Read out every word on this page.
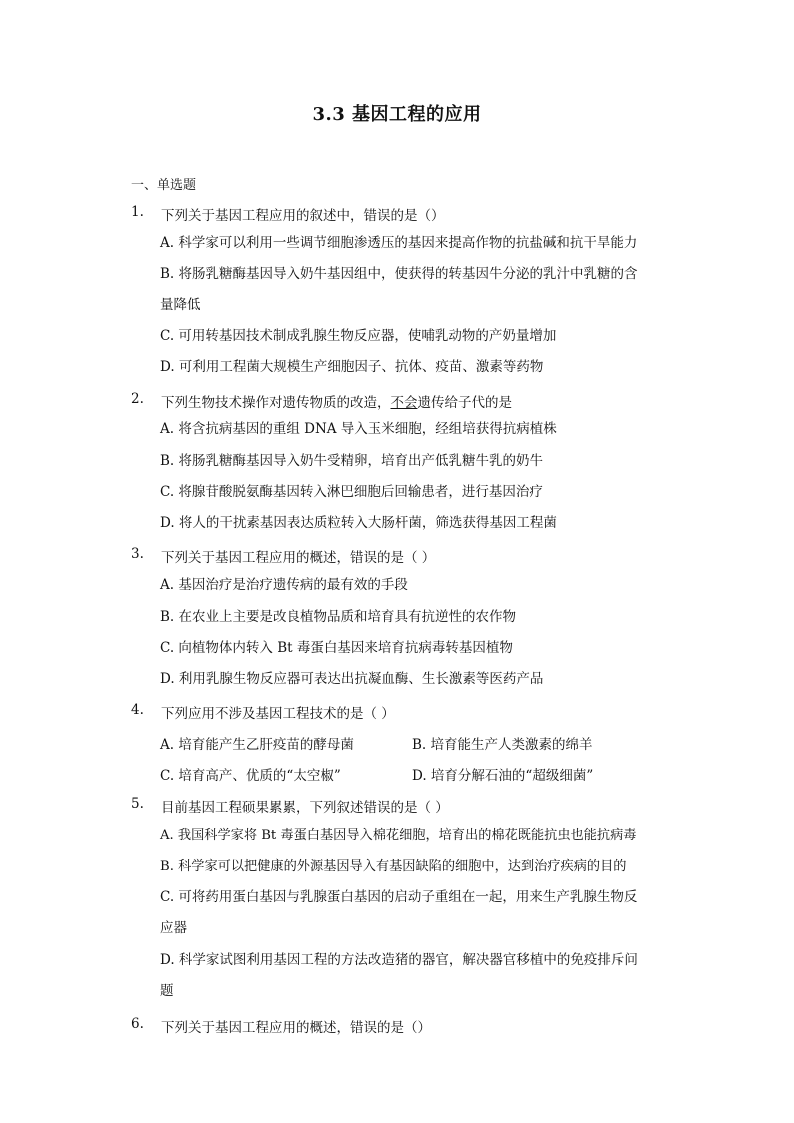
3.3 基因工程的应用
一、单选题
1.	下列关于基因工程应用的叙述中，错误的是（）
A. 科学家可以利用一些调节细胞渗透压的基因来提高作物的抗盐碱和抗干旱能力
B. 将肠乳糖酶基因导入奶牛基因组中，使获得的转基因牛分泌的乳汁中乳糖的含
量降低
C. 可用转基因技术制成乳腺生物反应器，使哺乳动物的产奶量增加
D. 可利用工程菌大规模生产细胞因子、抗体、疫苗、激素等药物
2.	下列生物技术操作对遗传物质的改造，不会遗传给子代的是
A. 将含抗病基因的重组 DNA 导入玉米细胞，经组培获得抗病植株
B. 将肠乳糖酶基因导入奶牛受精卵，培育出产低乳糖牛乳的奶牛
C. 将腺苷酸脱氨酶基因转入淋巴细胞后回输患者，进行基因治疗
D. 将人的干扰素基因表达质粒转入大肠杆菌，筛选获得基因工程菌
3.	下列关于基因工程应用的概述，错误的是（ ）
A. 基因治疗是治疗遗传病的最有效的手段
B. 在农业上主要是改良植物品质和培育具有抗逆性的农作物
C. 向植物体内转入 Bt 毒蛋白基因来培育抗病毒转基因植物
D. 利用乳腺生物反应器可表达出抗凝血酶、生长激素等医药产品
4.	下列应用不涉及基因工程技术的是（ ）
A. 培育能产生乙肝疫苗的酵母菌	B. 培育能生产人类激素的绵羊
C. 培育高产、优质的“太空椒”	D. 培育分解石油的“超级细菌”
5.	目前基因工程硕果累累，下列叙述错误的是（ ）
A. 我国科学家将 Bt 毒蛋白基因导入棉花细胞，培育出的棉花既能抗虫也能抗病毒
B. 科学家可以把健康的外源基因导入有基因缺陷的细胞中，达到治疗疾病的目的
C. 可将药用蛋白基因与乳腺蛋白基因的启动子重组在一起，用来生产乳腺生物反
应器
D. 科学家试图利用基因工程的方法改造猪的器官，解决器官移植中的免疫排斥问
题
6.	下列关于基因工程应用的概述，错误的是（）
